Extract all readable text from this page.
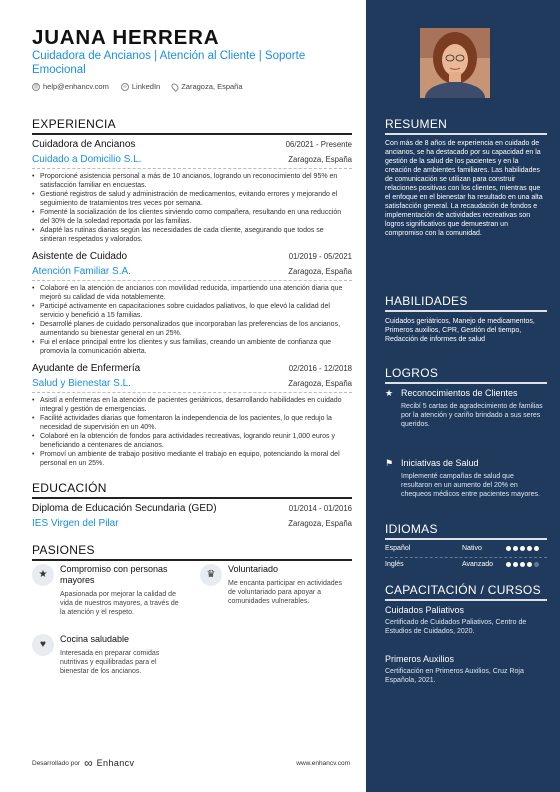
JUANA HERRERA
Cuidadora de Ancianos | Atención al Cliente | Soporte Emocional
@ help@enhancv.com	∞ LinkedIn	Zaragoza, España
EXPERIENCIA
Cuidadora de Ancianos	06/2021 - Presente
Cuidado a Domicilio S.L.	Zaragoza, España
• Proporcioné asistencia personal a más de 10 ancianos, logrando un reconocimiento del 95% en satisfacción familiar en encuestas.
• Gestioné registros de salud y administración de medicamentos, evitando errores y mejorando el seguimiento de tratamientos tres veces por semana.
• Fomenté la socialización de los clientes sirviendo como compañera, resultando en una reducción del 30% de la soledad reportada por las familias.
• Adapté las rutinas diarias según las necesidades de cada cliente, asegurando que todos se sintieran respetados y valorados.
Asistente de Cuidado	01/2019 - 05/2021
Atención Familiar S.A.	Zaragoza, España
• Colaboré en la atención de ancianos con movilidad reducida, impartiendo una atención diaria que mejoró su calidad de vida notablemente.
• Participé activamente en capacitaciones sobre cuidados paliativos, lo que elevó la calidad del servicio y benefició a 15 familias.
• Desarrollé planes de cuidado personalizados que incorporaban las preferencias de los ancianos, aumentando su bienestar general en un 25%.
• Fui el enlace principal entre los clientes y sus familias, creando un ambiente de confianza que promovía la comunicación abierta.
Ayudante de Enfermería	02/2016 - 12/2018
Salud y Bienestar S.L.	Zaragoza, España
• Asistí a enfermeras en la atención de pacientes geriátricos, desarrollando habilidades en cuidado integral y gestión de emergencias.
• Facilité actividades diarias que fomentaron la independencia de los pacientes, lo que redujo la necesidad de supervisión en un 40%.
• Colaboré en la obtención de fondos para actividades recreativas, logrando reunir 1,000 euros y beneficiando a centenares de ancianos.
• Promoví un ambiente de trabajo positivo mediante el trabajo en equipo, potenciando la moral del personal en un 25%.
EDUCACIÓN
Diploma de Educación Secundaria (GED)	01/2014 - 01/2016
IES Virgen del Pilar	Zaragoza, España
PASIONES
★	Compromiso con personas mayores
Apasionada por mejorar la calidad de vida de nuestros mayores, a través de la atención y el respeto.
♛	Voluntariado
Me encanta participar en actividades de voluntariado para apoyar a comunidades vulnerables.
♥	Cocina saludable
Interesada en preparar comidas nutritivas y equilibradas para el bienestar de los ancianos.
Desarrollado por ∞ Enhancv	www.enhancv.com
RESUMEN
Con más de 8 años de experiencia en cuidado de ancianos, se ha destacado por su capacidad en la gestión de la salud de los pacientes y en la creación de ambientes familiares. Las habilidades de comunicación se utilizan para construir relaciones positivas con los clientes, mientras que el enfoque en el bienestar ha resultado en una alta satisfacción general. La recaudación de fondos e implementación de actividades recreativas son logros significativos que demuestran un compromiso con la comunidad.
HABILIDADES
Cuidados geriátricos, Manejo de medicamentos, Primeros auxilios, CPR, Gestión del tiempo, Redacción de informes de salud
LOGROS
★ Reconocimientos de Clientes
Recibí 5 cartas de agradecimiento de familias por la atención y cariño brindado a sus seres queridos.
⚑ Iniciativas de Salud
Implementé campañas de salud que resultaron en un aumento del 20% en chequeos médicos entre pacientes mayores.
IDIOMAS
Español	Nativo
Inglés	Avanzado
CAPACITACIÓN / CURSOS
Cuidados Paliativos
Certificado de Cuidados Paliativos, Centro de Estudios de Cuidados, 2020.
Primeros Auxilios
Certificación en Primeros Auxilios, Cruz Roja Española, 2021.
